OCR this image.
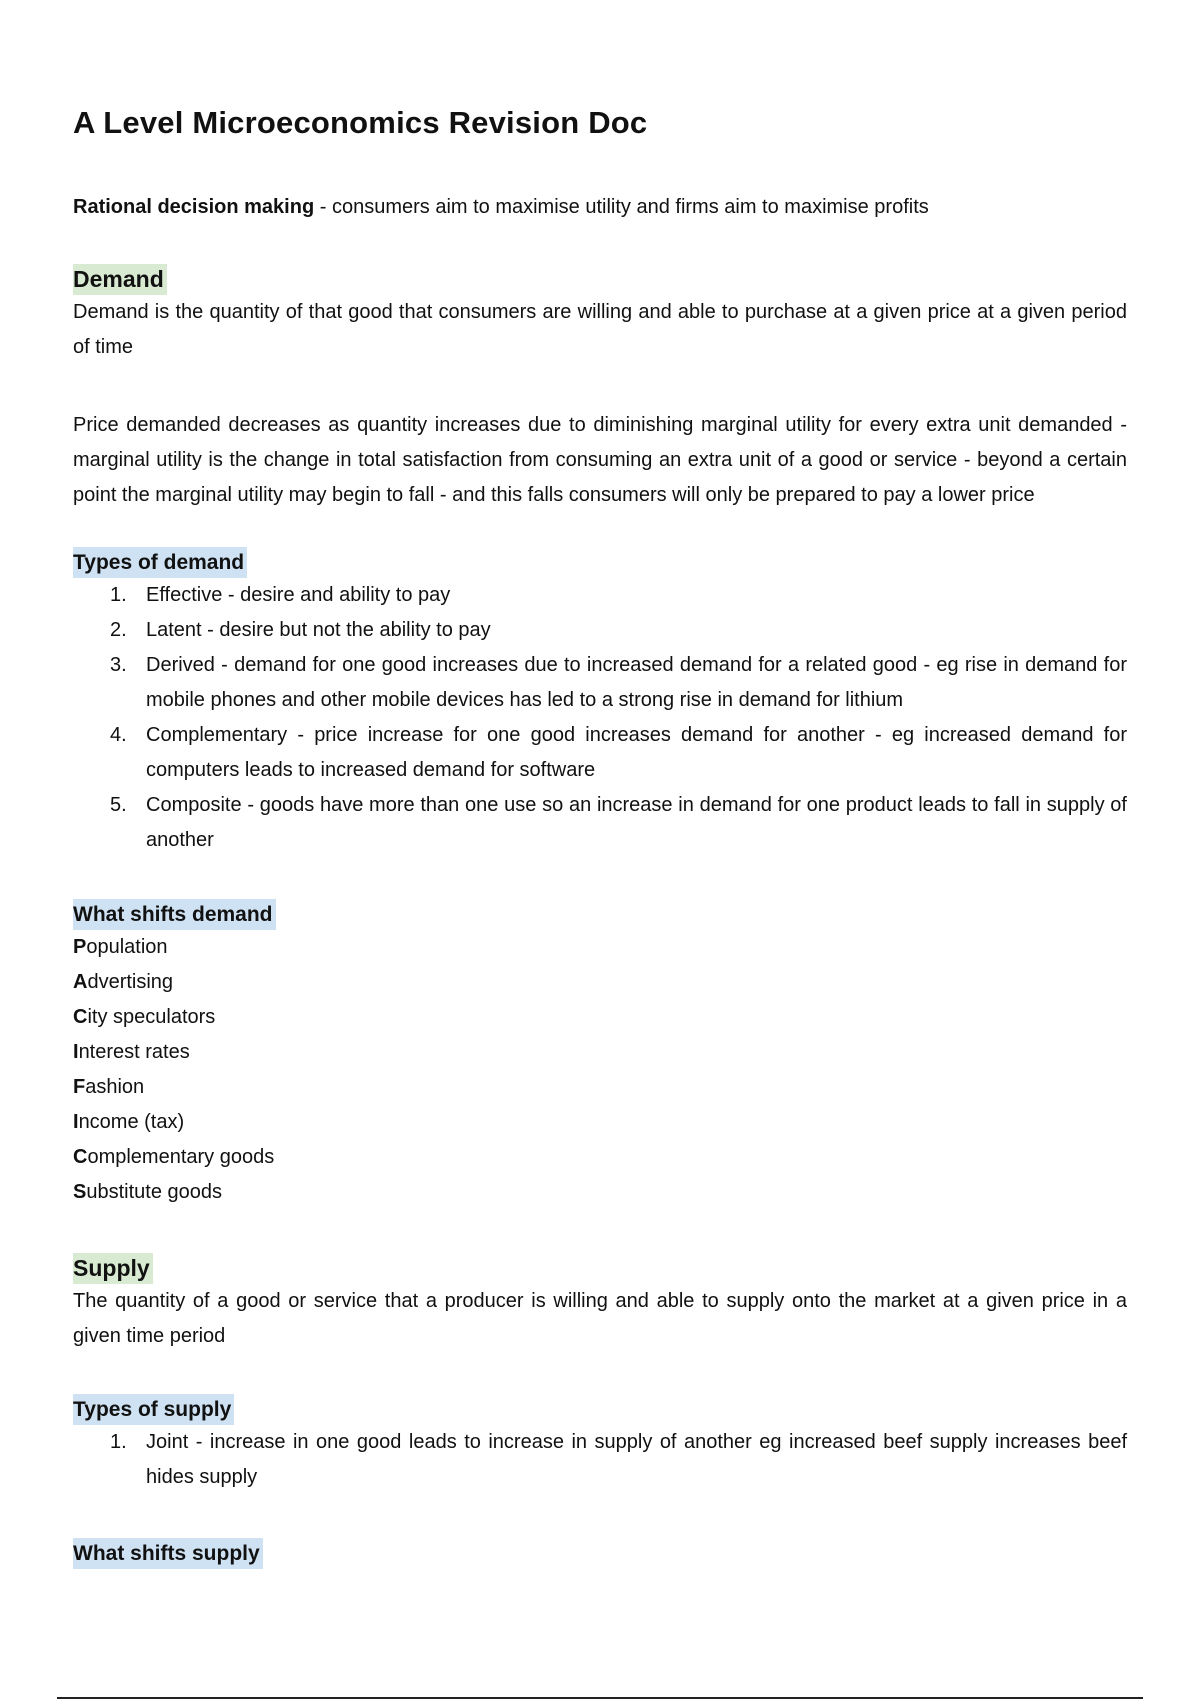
A Level Microeconomics Revision Doc

Rational decision making - consumers aim to maximise utility and firms aim to maximise profits

Demand

Demand is the quantity of that good that consumers are willing and able to purchase at a given price at a given period of time

Price demanded decreases as quantity increases due to diminishing marginal utility for every extra unit demanded - marginal utility is the change in total satisfaction from consuming an extra unit of a good or service - beyond a certain point the marginal utility may begin to fall - and this falls consumers will only be prepared to pay a lower price

Types of demand
1. Effective - desire and ability to pay
2. Latent - desire but not the ability to pay
3. Derived - demand for one good increases due to increased demand for a related good - eg rise in demand for mobile phones and other mobile devices has led to a strong rise in demand for lithium
4. Complementary - price increase for one good increases demand for another - eg increased demand for computers leads to increased demand for software
5. Composite - goods have more than one use so an increase in demand for one product leads to fall in supply of another
What shifts demand
Population
Advertising
City speculators
Interest rates
Fashion
Income (tax)
Complementary goods
Substitute goods
Supply

The quantity of a good or service that a producer is willing and able to supply onto the market at a given price in a given time period

Types of supply
1. Joint - increase in one good leads to increase in supply of another eg increased beef supply increases beef hides supply
What shifts supply
